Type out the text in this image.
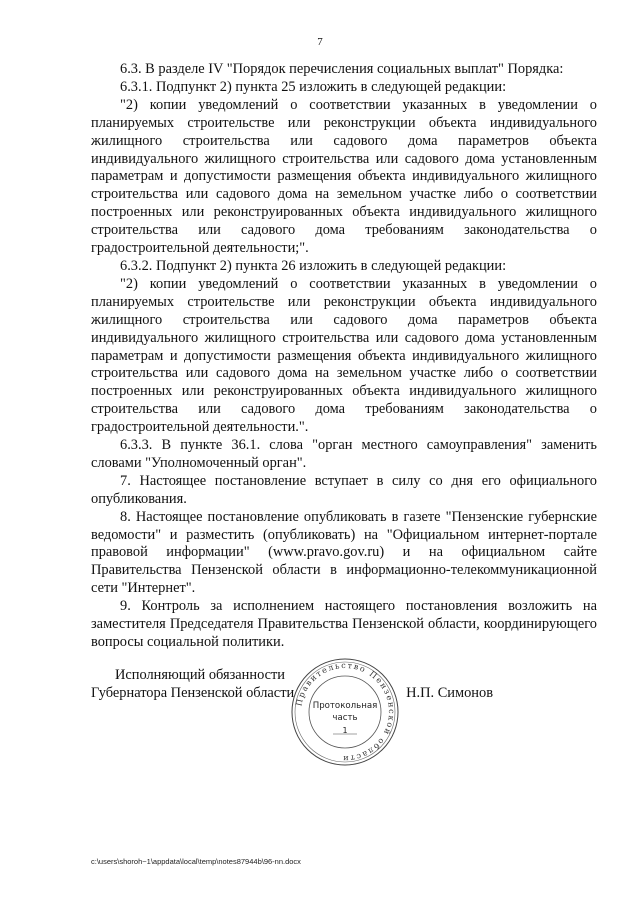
7

6.3. В разделе IV "Порядок перечисления социальных выплат" Порядка:

6.3.1. Подпункт 2) пункта 25 изложить в следующей редакции:

"2) копии уведомлений о соответствии указанных в уведомлении о планируемых строительстве или реконструкции объекта индивидуального жилищного строительства или садового дома параметров объекта индивидуального жилищного строительства или садового дома установленным параметрам и допустимости размещения объекта индивидуального жилищного строительства или садового дома на земельном участке либо о соответствии построенных или реконструированных объекта индивидуального жилищного строительства или садового дома требованиям законодательства о градостроительной деятельности;".

6.3.2. Подпункт 2) пункта 26 изложить в следующей редакции:

"2) копии уведомлений о соответствии указанных в уведомлении о планируемых строительстве или реконструкции объекта индивидуального жилищного строительства или садового дома параметров объекта индивидуального жилищного строительства или садового дома установленным параметрам и допустимости размещения объекта индивидуального жилищного строительства или садового дома на земельном участке либо о соответствии построенных или реконструированных объекта индивидуального жилищного строительства или садового дома требованиям законодательства о градостроительной деятельности.".

6.3.3. В пункте 36.1. слова "орган местного самоуправления" заменить словами "Уполномоченный орган".

7. Настоящее постановление вступает в силу со дня его официального опубликования.

8. Настоящее постановление опубликовать в газете "Пензенские губернские ведомости" и разместить (опубликовать) на "Официальном интернет-портале правовой информации" (www.pravo.gov.ru) и на официальном сайте Правительства Пензенской области в информационно-телекоммуникационной сети "Интернет".

9. Контроль за исполнением настоящего постановления возложить на заместителя Председателя Правительства Пензенской области, координирующего вопросы социальной политики.

Исполняющий обязанности
Губернатора Пензенской области	Н.П. Симонов
Правительство Пензенской области
Протокольная
часть
1
c:\users\shoroh~1\appdata\local\temp\notes87944b\96-nn.docx
